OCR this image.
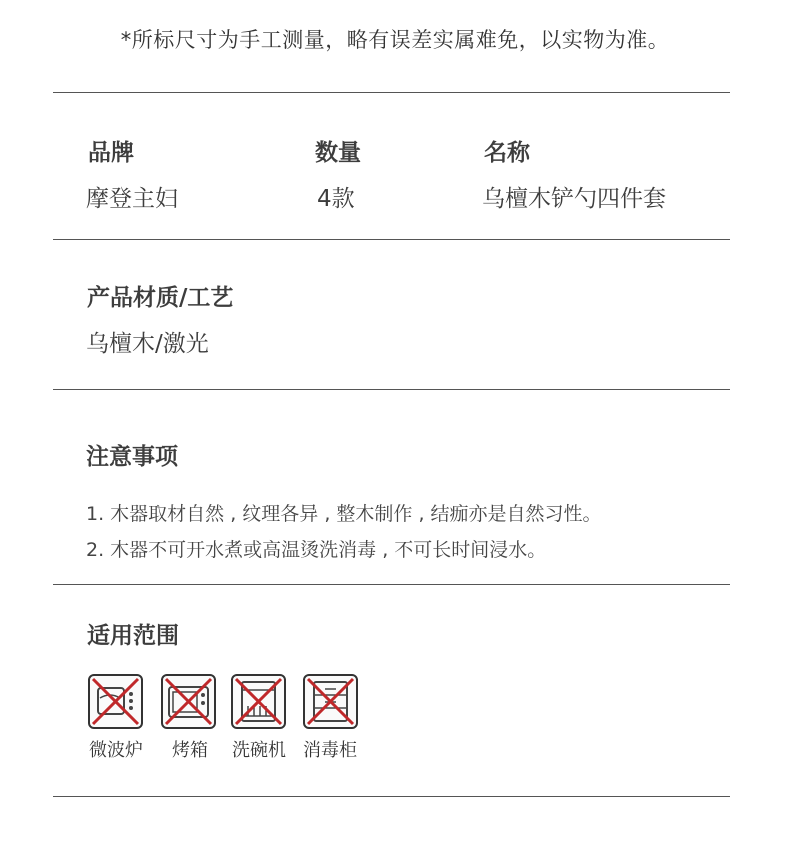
*所标尺寸为手工测量，略有误差实属难免，以实物为准。
品牌
摩登主妇
数量
4款
名称
乌檀木铲勺四件套
产品材质/工艺
乌檀木/激光
注意事项
1. 木器取材自然 , 纹理各异 , 整木制作 , 结痂亦是自然习性。
2. 木器不可开水煮或高温烫洗消毒 , 不可长时间浸水。
适用范围
微波炉	烤箱	洗碗机 消毒柜
